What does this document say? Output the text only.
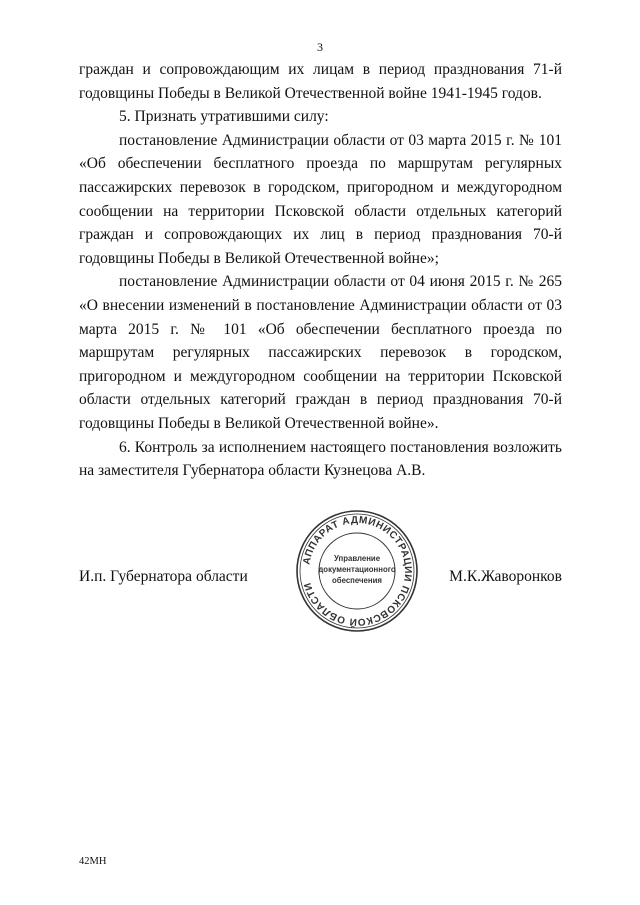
3

граждан и сопровождающим их лицам в период празднования 71-й годовщины Победы в Великой Отечественной войне 1941-1945 годов.

5. Признать утратившими силу:

постановление Администрации области от 03 марта 2015 г. № 101 «Об обеспечении бесплатного проезда по маршрутам регулярных пассажирских перевозок в городском, пригородном и междугородном сообщении на территории Псковской области отдельных категорий граждан и сопровождающих их лиц в период празднования 70-й годовщины Победы в Великой Отечественной войне»;

постановление Администрации области от 04 июня 2015 г. № 265 «О внесении изменений в постановление Администрации области от 03 марта 2015 г. № 101 «Об обеспечении бесплатного проезда по маршрутам регулярных пассажирских перевозок в городском, пригородном и междугородном сообщении на территории Псковской области отдельных категорий граждан в период празднования 70-й годовщины Победы в Великой Отечественной войне».

6. Контроль за исполнением настоящего постановления возложить на заместителя Губернатора области Кузнецова А.В.

И.п. Губернатора области	М.К.Жаворонков
АППАРАТ АДМИНИСТРАЦИИ ПСКОВСКОЙ ОБЛАСТИ
Управление
документационного
обеспечения
42МН
